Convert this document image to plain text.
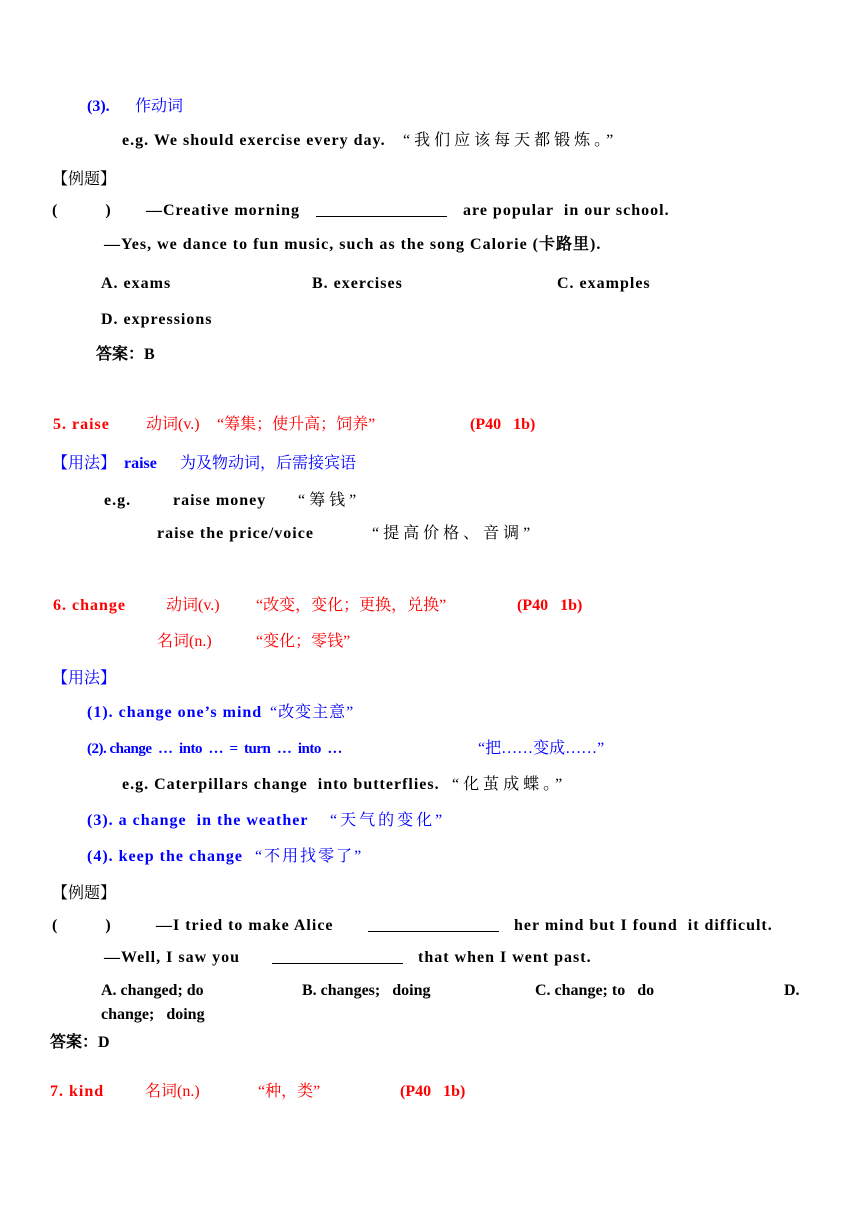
(3). 作动词
e.g. We should exercise every day. “我们应该每天都锻炼。”
【例题】
(            ) —Creative morning	are popular  in our school.
—Yes, we dance to fun music, such as the song Calorie (卡路里).
A. exams	B. exercises	C. examples
D. expressions
答案：B
5. raise 动词(v.) “筹集；使升高；饲养”	(P40   1b)
【用法】 raise 为及物动词，后需接宾语
e.g.	raise money “筹钱”
raise the price/voice	“提高价格、音调”
6. change	动词(v.) “改变，变化；更换，兑换”	(P40   1b)
名词(n.)	“变化；零钱”
【用法】
(1). change one’s mind “改变主意”
(2). change  …  into  …  =  turn  …  into  …	“把……变成……”
e.g. Caterpillars change  into butterflies. “化茧成蝶。”
(3). a change  in the weather “天气的变化”
(4). keep the change “不用找零了”
【例题】
(            )	—I tried to make Alice	her mind but I found  it difficult.
—Well, I saw you	that when I went past.
A. changed; do	B. changes;   doing	C. change; to   do	D.
change;   doing
答案：D
7. kind	名词(n.)	“种，类”	(P40   1b)
